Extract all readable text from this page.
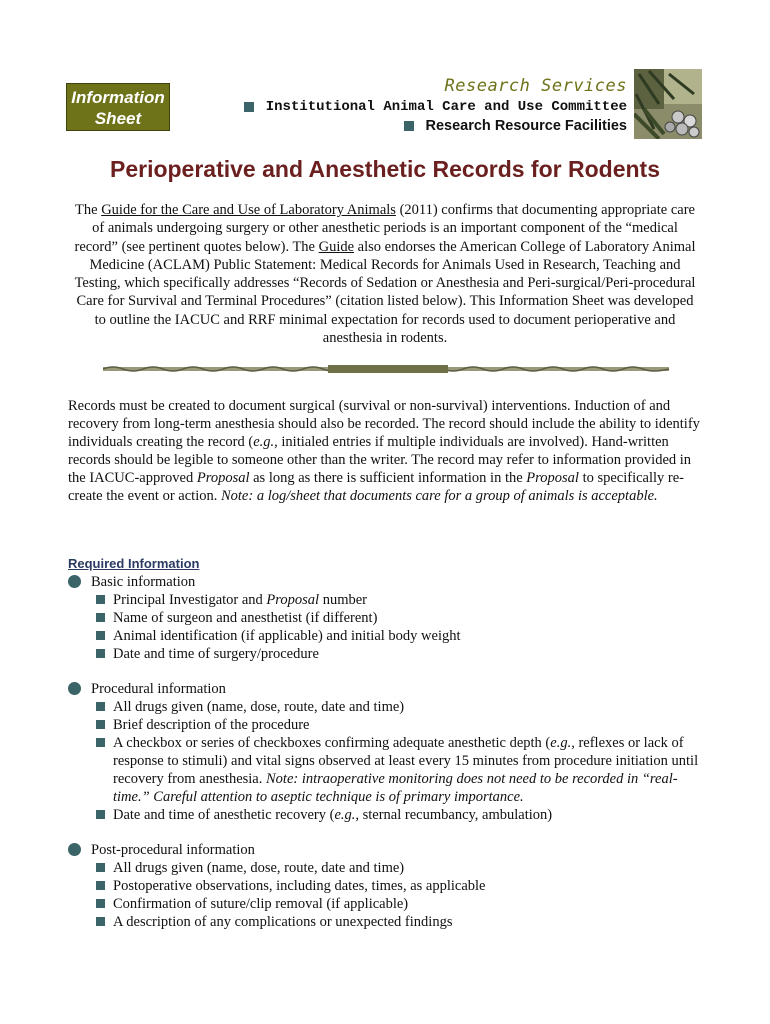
Information
Sheet
Research Services
Institutional Animal Care and Use Committee
Research Resource Facilities
Perioperative and Anesthetic Records for Rodents
The Guide for the Care and Use of Laboratory Animals (2011) confirms that documenting appropriate care of animals undergoing surgery or other anesthetic periods is an important component of the “medical record” (see pertinent quotes below). The Guide also endorses the American College of Laboratory Animal Medicine (ACLAM) Public Statement: Medical Records for Animals Used in Research, Teaching and Testing, which specifically addresses “Records of Sedation or Anesthesia and Peri-surgical/Peri-procedural Care for Survival and Terminal Procedures” (citation listed below). This Information Sheet was developed to outline the IACUC and RRF minimal expectation for records used to document perioperative and anesthesia in rodents.
Records must be created to document surgical (survival or non-survival) interventions. Induction of and recovery from long-term anesthesia should also be recorded. The record should include the ability to identify individuals creating the record (e.g., initialed entries if multiple individuals are involved). Hand-written records should be legible to someone other than the writer. The record may refer to information provided in the IACUC-approved Proposal as long as there is sufficient information in the Proposal to specifically re-create the event or action. Note: a log/sheet that documents care for a group of animals is acceptable.
Required Information
Basic information
Principal Investigator and Proposal number
Name of surgeon and anesthetist (if different)
Animal identification (if applicable) and initial body weight
Date and time of surgery/procedure
Procedural information
All drugs given (name, dose, route, date and time)
Brief description of the procedure
A checkbox or series of checkboxes confirming adequate anesthetic depth (e.g., reflexes or lack of response to stimuli) and vital signs observed at least every 15 minutes from procedure initiation until recovery from anesthesia. Note: intraoperative monitoring does not need to be recorded in “real-time.” Careful attention to aseptic technique is of primary importance.
Date and time of anesthetic recovery (e.g., sternal recumbancy, ambulation)
Post-procedural information
All drugs given (name, dose, route, date and time)
Postoperative observations, including dates, times, as applicable
Confirmation of suture/clip removal (if applicable)
A description of any complications or unexpected findings
